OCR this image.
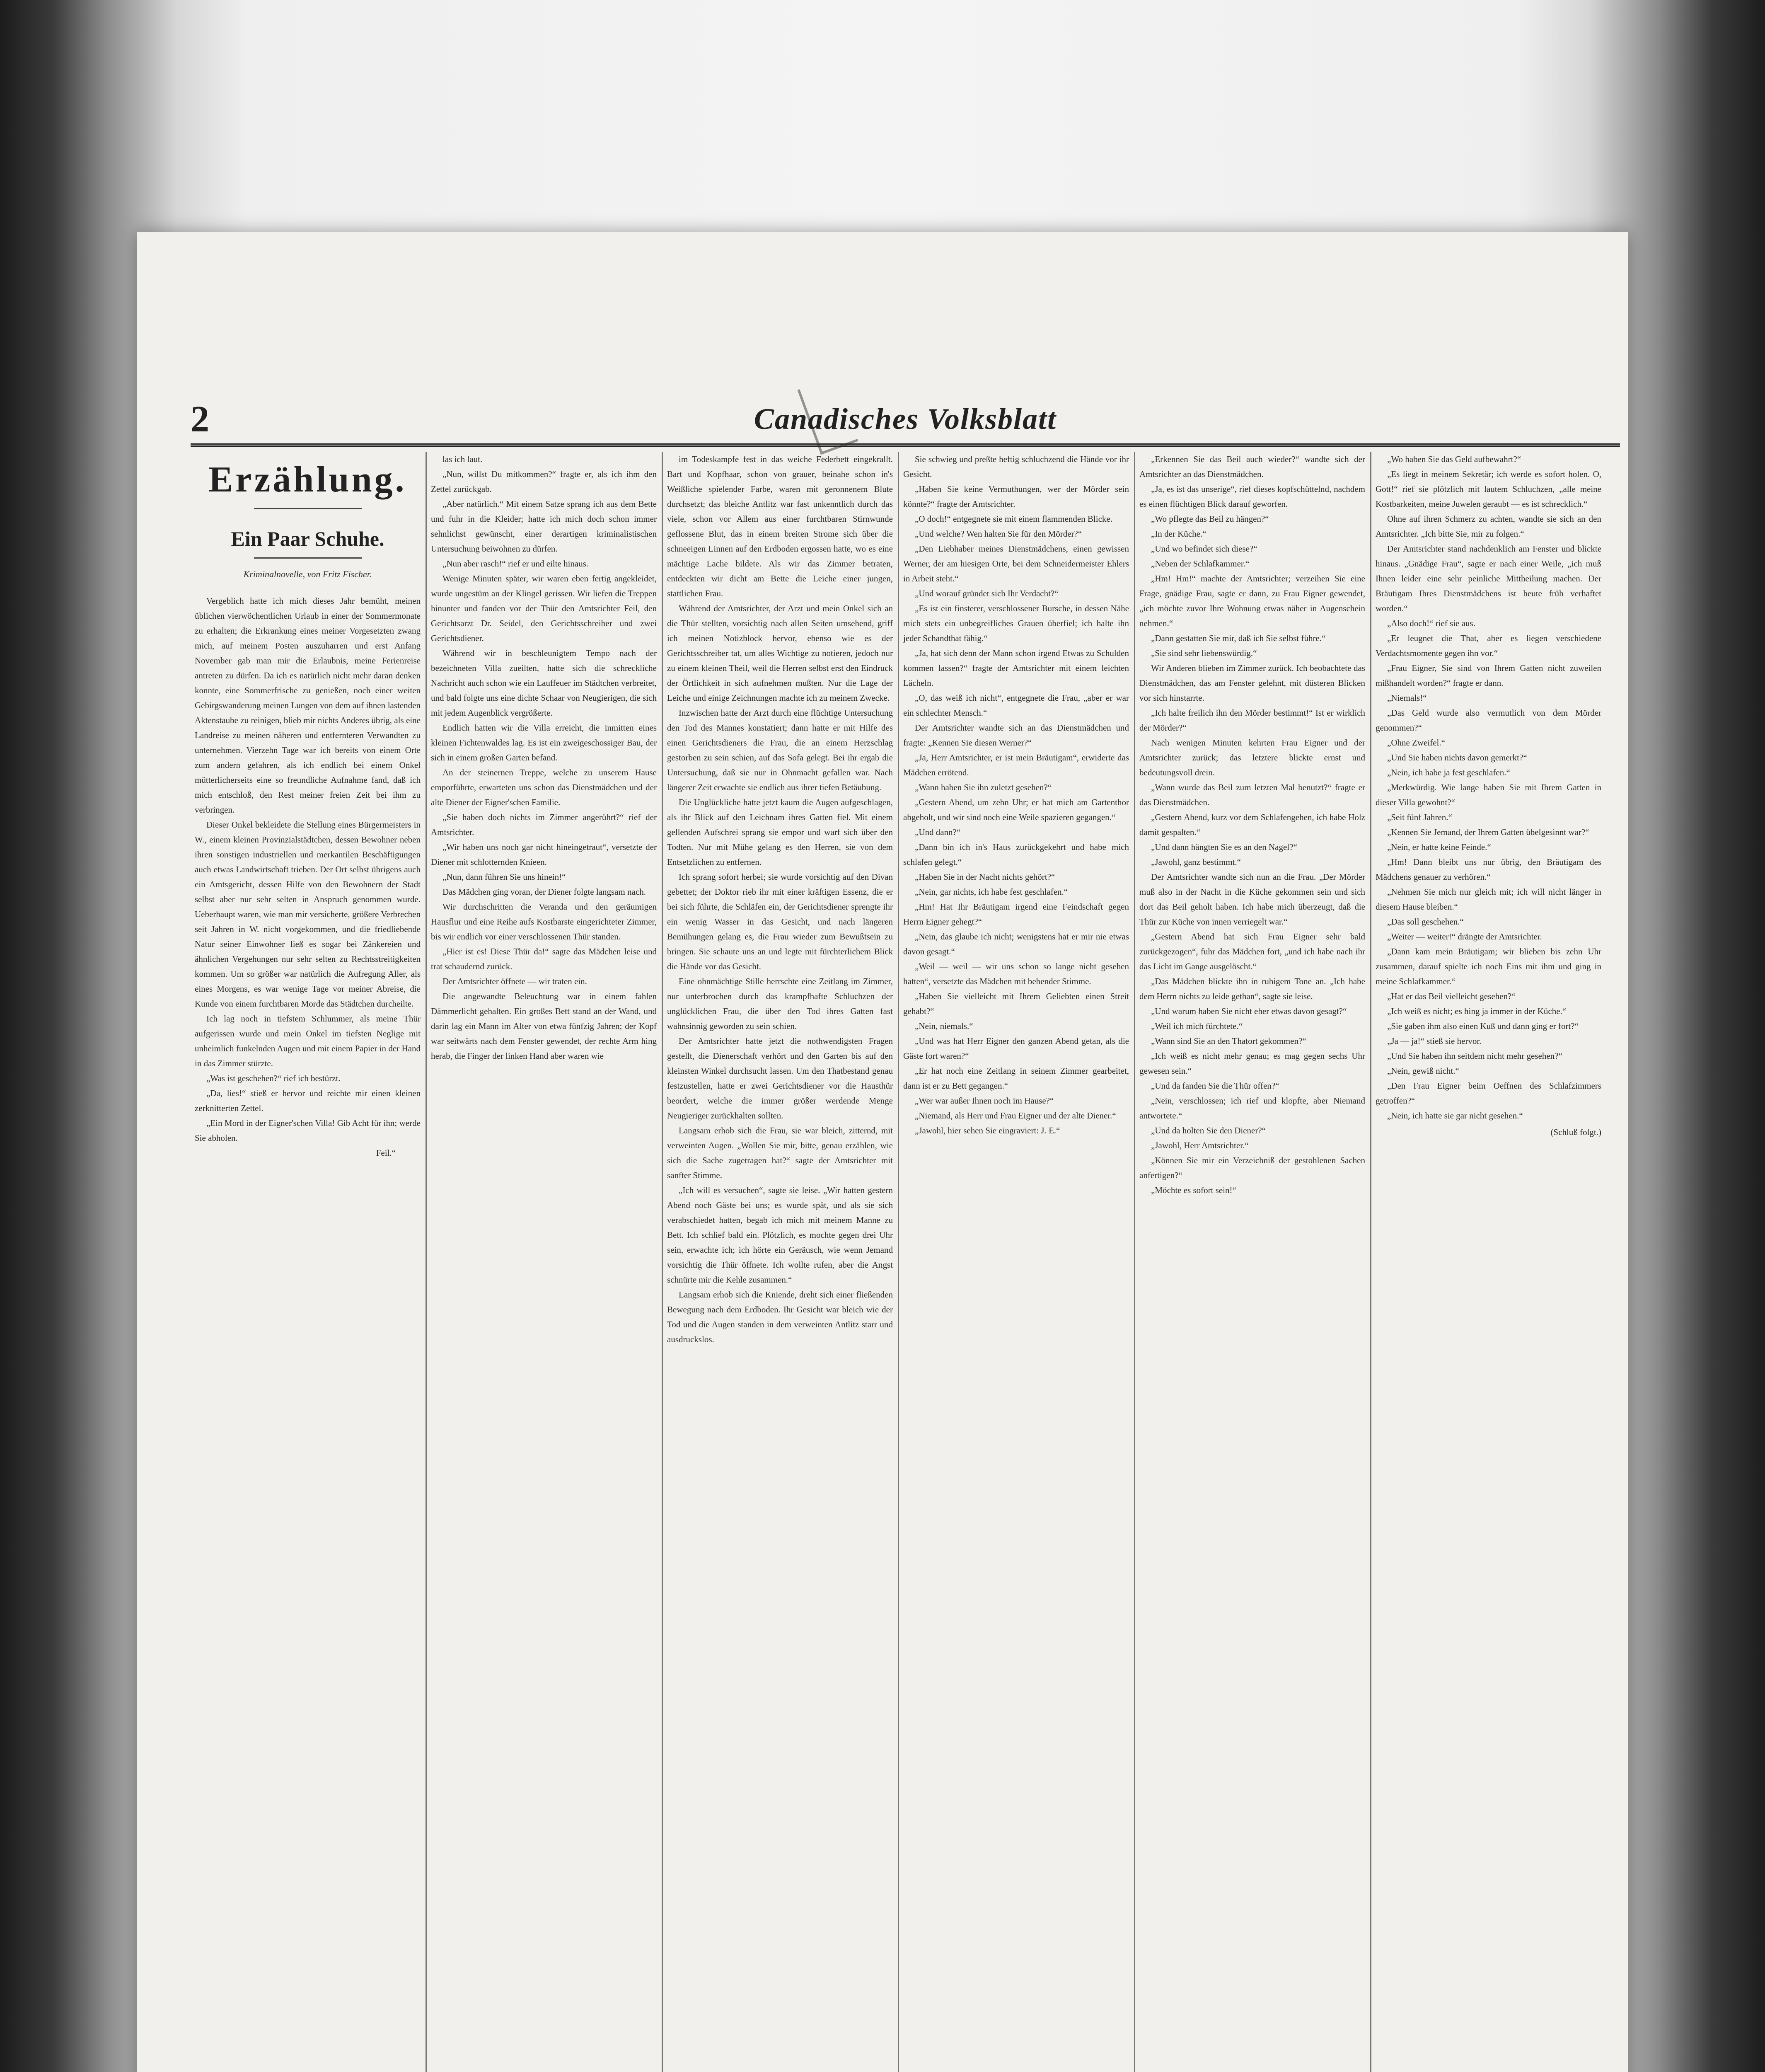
2	Canadisches Volksblatt
Erzählung.
Ein Paar Schuhe.
Kriminalnovelle, von Fritz Fischer.

Vergeblich hatte ich mich dieses Jahr bemüht, meinen üblichen vierwöchentlichen Urlaub in einer der Sommermonate zu erhalten; die Erkrankung eines meiner Vorgesetzten zwang mich, auf meinem Posten auszuharren und erst Anfang November gab man mir die Erlaubnis, meine Ferienreise antreten zu dürfen. Da ich es natürlich nicht mehr daran denken konnte, eine Sommerfrische zu genießen, noch einer weiten Gebirgswanderung meinen Lungen von dem auf ihnen lastenden Aktenstaube zu reinigen, blieb mir nichts Anderes übrig, als eine Landreise zu meinen näheren und entfernteren Verwandten zu unternehmen. Vierzehn Tage war ich bereits von einem Orte zum andern gefahren, als ich endlich bei einem Onkel mütterlicherseits eine so freundliche Aufnahme fand, daß ich mich entschloß, den Rest meiner freien Zeit bei ihm zu verbringen.

Dieser Onkel bekleidete die Stellung eines Bürgermeisters in W., einem kleinen Provinzialstädtchen, dessen Bewohner neben ihren sonstigen industriellen und merkantilen Beschäftigungen auch etwas Landwirtschaft trieben. Der Ort selbst übrigens auch ein Amtsgericht, dessen Hilfe von den Bewohnern der Stadt selbst aber nur sehr selten in Anspruch genommen wurde. Ueberhaupt waren, wie man mir versicherte, größere Verbrechen seit Jahren in W. nicht vorgekommen, und die friedliebende Natur seiner Einwohner ließ es sogar bei Zänkereien und ähnlichen Vergehungen nur sehr selten zu Rechtsstreitigkeiten kommen. Um so größer war natürlich die Aufregung Aller, als eines Morgens, es war wenige Tage vor meiner Abreise, die Kunde von einem furchtbaren Morde das Städtchen durcheilte.

Ich lag noch in tiefstem Schlummer, als meine Thür aufgerissen wurde und mein Onkel im tiefsten Neglige mit unheimlich funkelnden Augen und mit einem Papier in der Hand in das Zimmer stürzte.

„Was ist geschehen?“ rief ich bestürzt.

„Da, lies!“ stieß er hervor und reichte mir einen kleinen zerknitterten Zettel.

„Ein Mord in der Eigner'schen Villa! Gib Acht für ihn; werde Sie abholen.

Feil.“

las ich laut.

„Nun, willst Du mitkommen?“ fragte er, als ich ihm den Zettel zurückgab.

„Aber natürlich.“ Mit einem Satze sprang ich aus dem Bette und fuhr in die Kleider; hatte ich mich doch schon immer sehnlichst gewünscht, einer derartigen kriminalistischen Untersuchung beiwohnen zu dürfen.

„Nun aber rasch!“ rief er und eilte hinaus.

Wenige Minuten später, wir waren eben fertig angekleidet, wurde ungestüm an der Klingel gerissen. Wir liefen die Treppen hinunter und fanden vor der Thür den Amtsrichter Feil, den Gerichtsarzt Dr. Seidel, den Gerichtsschreiber und zwei Gerichtsdiener.

Während wir in beschleunigtem Tempo nach der bezeichneten Villa zueilten, hatte sich die schreckliche Nachricht auch schon wie ein Lauffeuer im Städtchen verbreitet, und bald folgte uns eine dichte Schaar von Neugierigen, die sich mit jedem Augenblick vergrößerte.

Endlich hatten wir die Villa erreicht, die inmitten eines kleinen Fichtenwaldes lag. Es ist ein zweigeschossiger Bau, der sich in einem großen Garten befand.

An der steinernen Treppe, welche zu unserem Hause emporführte, erwarteten uns schon das Dienstmädchen und der alte Diener der Eigner'schen Familie.

„Sie haben doch nichts im Zimmer angerührt?“ rief der Amtsrichter.

„Wir haben uns noch gar nicht hineingetraut“, versetzte der Diener mit schlotternden Knieen.

„Nun, dann führen Sie uns hinein!“

Das Mädchen ging voran, der Diener folgte langsam nach.

Wir durchschritten die Veranda und den geräumigen Hausflur und eine Reihe aufs Kostbarste eingerichteter Zimmer, bis wir endlich vor einer verschlossenen Thür standen.

„Hier ist es! Diese Thür da!“ sagte das Mädchen leise und trat schaudernd zurück.

Der Amtsrichter öffnete — wir traten ein.

Die angewandte Beleuchtung war in einem fahlen Dämmerlicht gehalten. Ein großes Bett stand an der Wand, und darin lag ein Mann im Alter von etwa fünfzig Jahren; der Kopf war seitwärts nach dem Fenster gewendet, der rechte Arm hing herab, die Finger der linken Hand aber waren wie

im Todeskampfe fest in das weiche Federbett eingekrallt. Bart und Kopfhaar, schon von grauer, beinahe schon in's Weißliche spielender Farbe, waren mit geronnenem Blute durchsetzt; das bleiche Antlitz war fast unkenntlich durch das viele, schon vor Allem aus einer furchtbaren Stirnwunde geflossene Blut, das in einem breiten Strome sich über die schneeigen Linnen auf den Erdboden ergossen hatte, wo es eine mächtige Lache bildete. Als wir das Zimmer betraten, entdeckten wir dicht am Bette die Leiche einer jungen, stattlichen Frau.

Während der Amtsrichter, der Arzt und mein Onkel sich an die Thür stellten, vorsichtig nach allen Seiten umsehend, griff ich meinen Notizblock hervor, ebenso wie es der Gerichtsschreiber tat, um alles Wichtige zu notieren, jedoch nur zu einem kleinen Theil, weil die Herren selbst erst den Eindruck der Örtlichkeit in sich aufnehmen mußten. Nur die Lage der Leiche und einige Zeichnungen machte ich zu meinem Zwecke.

Inzwischen hatte der Arzt durch eine flüchtige Untersuchung den Tod des Mannes konstatiert; dann hatte er mit Hilfe des einen Gerichtsdieners die Frau, die an einem Herzschlag gestorben zu sein schien, auf das Sofa gelegt. Bei ihr ergab die Untersuchung, daß sie nur in Ohnmacht gefallen war. Nach längerer Zeit erwachte sie endlich aus ihrer tiefen Betäubung.

Die Unglückliche hatte jetzt kaum die Augen aufgeschlagen, als ihr Blick auf den Leichnam ihres Gatten fiel. Mit einem gellenden Aufschrei sprang sie empor und warf sich über den Todten. Nur mit Mühe gelang es den Herren, sie von dem Entsetzlichen zu entfernen.

Ich sprang sofort herbei; sie wurde vorsichtig auf den Divan gebettet; der Doktor rieb ihr mit einer kräftigen Essenz, die er bei sich führte, die Schläfen ein, der Gerichtsdiener sprengte ihr ein wenig Wasser in das Gesicht, und nach längeren Bemühungen gelang es, die Frau wieder zum Bewußtsein zu bringen. Sie schaute uns an und legte mit fürchterlichem Blick die Hände vor das Gesicht.

Eine ohnmächtige Stille herrschte eine Zeitlang im Zimmer, nur unterbrochen durch das krampfhafte Schluchzen der unglücklichen Frau, die über den Tod ihres Gatten fast wahnsinnig geworden zu sein schien.

Der Amtsrichter hatte jetzt die nothwendigsten Fragen gestellt, die Dienerschaft verhört und den Garten bis auf den kleinsten Winkel durchsucht lassen. Um den Thatbestand genau festzustellen, hatte er zwei Gerichtsdiener vor die Hausthür beordert, welche die immer größer werdende Menge Neugieriger zurückhalten sollten.

Langsam erhob sich die Frau, sie war bleich, zitternd, mit verweinten Augen. „Wollen Sie mir, bitte, genau erzählen, wie sich die Sache zugetragen hat?“ sagte der Amtsrichter mit sanfter Stimme.

„Ich will es versuchen“, sagte sie leise. „Wir hatten gestern Abend noch Gäste bei uns; es wurde spät, und als sie sich verabschiedet hatten, begab ich mich mit meinem Manne zu Bett. Ich schlief bald ein. Plötzlich, es mochte gegen drei Uhr sein, erwachte ich; ich hörte ein Geräusch, wie wenn Jemand vorsichtig die Thür öffnete. Ich wollte rufen, aber die Angst schnürte mir die Kehle zusammen.“

Langsam erhob sich die Kniende, dreht sich einer fließenden Bewegung nach dem Erdboden. Ihr Gesicht war bleich wie der Tod und die Augen standen in dem verweinten Antlitz starr und ausdruckslos.

Sie schwieg und preßte heftig schluchzend die Hände vor ihr Gesicht.

„Haben Sie keine Vermuthungen, wer der Mörder sein könnte?“ fragte der Amtsrichter.

„O doch!“ entgegnete sie mit einem flammenden Blicke.

„Und welche? Wen halten Sie für den Mörder?“

„Den Liebhaber meines Dienstmädchens, einen gewissen Werner, der am hiesigen Orte, bei dem Schneidermeister Ehlers in Arbeit steht.“

„Und worauf gründet sich Ihr Verdacht?“

„Es ist ein finsterer, verschlossener Bursche, in dessen Nähe mich stets ein unbegreifliches Grauen überfiel; ich halte ihn jeder Schandthat fähig.“

„Ja, hat sich denn der Mann schon irgend Etwas zu Schulden kommen lassen?“ fragte der Amtsrichter mit einem leichten Lächeln.

„O, das weiß ich nicht“, entgegnete die Frau, „aber er war ein schlechter Mensch.“

Der Amtsrichter wandte sich an das Dienstmädchen und fragte: „Kennen Sie diesen Werner?“

„Ja, Herr Amtsrichter, er ist mein Bräutigam“, erwiderte das Mädchen errötend.

„Wann haben Sie ihn zuletzt gesehen?“

„Gestern Abend, um zehn Uhr; er hat mich am Gartenthor abgeholt, und wir sind noch eine Weile spazieren gegangen.“

„Und dann?“

„Dann bin ich in's Haus zurückgekehrt und habe mich schlafen gelegt.“

„Haben Sie in der Nacht nichts gehört?“

„Nein, gar nichts, ich habe fest geschlafen.“

„Hm! Hat Ihr Bräutigam irgend eine Feindschaft gegen Herrn Eigner gehegt?“

„Nein, das glaube ich nicht; wenigstens hat er mir nie etwas davon gesagt.“

„Weil — weil — wir uns schon so lange nicht gesehen hatten“, versetzte das Mädchen mit bebender Stimme.

„Haben Sie vielleicht mit Ihrem Geliebten einen Streit gehabt?“

„Nein, niemals.“

„Und was hat Herr Eigner den ganzen Abend getan, als die Gäste fort waren?“

„Er hat noch eine Zeitlang in seinem Zimmer gearbeitet, dann ist er zu Bett gegangen.“

„Wer war außer Ihnen noch im Hause?“

„Niemand, als Herr und Frau Eigner und der alte Diener.“

„Jawohl, hier sehen Sie eingraviert: J. E.“

„Erkennen Sie das Beil auch wieder?“ wandte sich der Amtsrichter an das Dienstmädchen.

„Ja, es ist das unserige“, rief dieses kopfschüttelnd, nachdem es einen flüchtigen Blick darauf geworfen.

„Wo pflegte das Beil zu hängen?“

„In der Küche.“

„Und wo befindet sich diese?“

„Neben der Schlafkammer.“

„Hm! Hm!“ machte der Amtsrichter; verzeihen Sie eine Frage, gnädige Frau, sagte er dann, zu Frau Eigner gewendet, „ich möchte zuvor Ihre Wohnung etwas näher in Augenschein nehmen.“

„Dann gestatten Sie mir, daß ich Sie selbst führe.“

„Sie sind sehr liebenswürdig.“

Wir Anderen blieben im Zimmer zurück. Ich beobachtete das Dienstmädchen, das am Fenster gelehnt, mit düsteren Blicken vor sich hinstarrte.

„Ich halte freilich ihn den Mörder bestimmt!“ Ist er wirklich der Mörder?“

Nach wenigen Minuten kehrten Frau Eigner und der Amtsrichter zurück; das letztere blickte ernst und bedeutungsvoll drein.

„Wann wurde das Beil zum letzten Mal benutzt?“ fragte er das Dienstmädchen.

„Gestern Abend, kurz vor dem Schlafengehen, ich habe Holz damit gespalten.“

„Und dann hängten Sie es an den Nagel?“

„Jawohl, ganz bestimmt.“

Der Amtsrichter wandte sich nun an die Frau. „Der Mörder muß also in der Nacht in die Küche gekommen sein und sich dort das Beil geholt haben. Ich habe mich überzeugt, daß die Thür zur Küche von innen verriegelt war.“

„Gestern Abend hat sich Frau Eigner sehr bald zurückgezogen“, fuhr das Mädchen fort, „und ich habe nach ihr das Licht im Gange ausgelöscht.“

„Das Mädchen blickte ihn in ruhigem Tone an. „Ich habe dem Herrn nichts zu leide gethan“, sagte sie leise.

„Und warum haben Sie nicht eher etwas davon gesagt?“

„Weil ich mich fürchtete.“

„Wann sind Sie an den Thatort gekommen?“

„Ich weiß es nicht mehr genau; es mag gegen sechs Uhr gewesen sein.“

„Und da fanden Sie die Thür offen?“

„Nein, verschlossen; ich rief und klopfte, aber Niemand antwortete.“

„Und da holten Sie den Diener?“

„Jawohl, Herr Amtsrichter.“

„Können Sie mir ein Verzeichniß der gestohlenen Sachen anfertigen?“

„Möchte es sofort sein!“

„Wo haben Sie das Geld aufbewahrt?“

„Es liegt in meinem Sekretär; ich werde es sofort holen. O, Gott!“ rief sie plötzlich mit lautem Schluchzen, „alle meine Kostbarkeiten, meine Juwelen geraubt — es ist schrecklich.“

Ohne auf ihren Schmerz zu achten, wandte sie sich an den Amtsrichter. „Ich bitte Sie, mir zu folgen.“

Der Amtsrichter stand nachdenklich am Fenster und blickte hinaus. „Gnädige Frau“, sagte er nach einer Weile, „ich muß Ihnen leider eine sehr peinliche Mittheilung machen. Der Bräutigam Ihres Dienstmädchens ist heute früh verhaftet worden.“

„Also doch!“ rief sie aus.

„Er leugnet die That, aber es liegen verschiedene Verdachtsmomente gegen ihn vor.“

„Frau Eigner, Sie sind von Ihrem Gatten nicht zuweilen mißhandelt worden?“ fragte er dann.

„Niemals!“

„Das Geld wurde also vermutlich von dem Mörder genommen?“

„Ohne Zweifel.“

„Und Sie haben nichts davon gemerkt?“

„Nein, ich habe ja fest geschlafen.“

„Merkwürdig. Wie lange haben Sie mit Ihrem Gatten in dieser Villa gewohnt?“

„Seit fünf Jahren.“

„Kennen Sie Jemand, der Ihrem Gatten übelgesinnt war?“

„Nein, er hatte keine Feinde.“

„Hm! Dann bleibt uns nur übrig, den Bräutigam des Mädchens genauer zu verhören.“

„Nehmen Sie mich nur gleich mit; ich will nicht länger in diesem Hause bleiben.“

„Das soll geschehen.“

„Weiter — weiter!“ drängte der Amtsrichter.

„Dann kam mein Bräutigam; wir blieben bis zehn Uhr zusammen, darauf spielte ich noch Eins mit ihm und ging in meine Schlafkammer.“

„Hat er das Beil vielleicht gesehen?“

„Ich weiß es nicht; es hing ja immer in der Küche.“

„Sie gaben ihm also einen Kuß und dann ging er fort?“

„Ja — ja!“ stieß sie hervor.

„Und Sie haben ihn seitdem nicht mehr gesehen?“

„Nein, gewiß nicht.“

„Den Frau Eigner beim Oeffnen des Schlafzimmers getroffen?“

„Nein, ich hatte sie gar nicht gesehen.“

(Schluß folgt.)
